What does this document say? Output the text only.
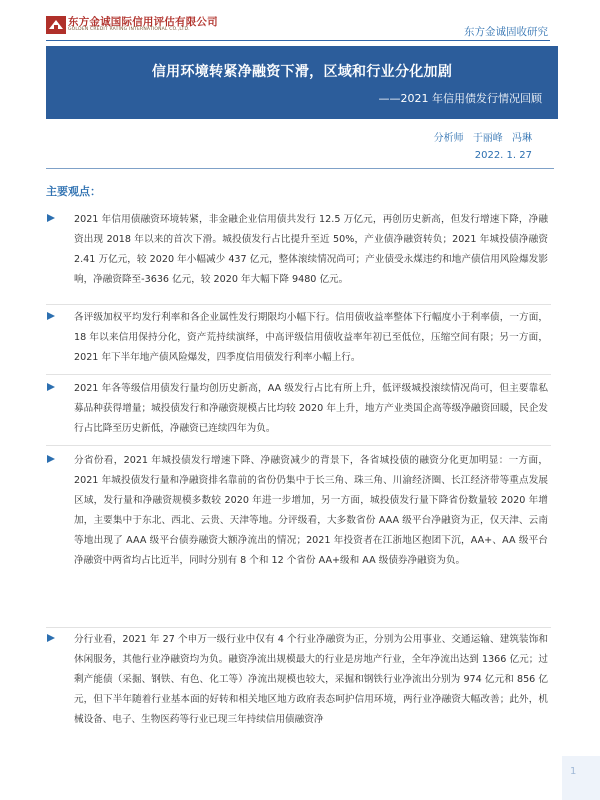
东方金诚国际信用评估有限公司
GOLDEN CREDIT RATING INTERNATIONAL CO.,LTD.	东方金诚固收研究
信用环境转紧净融资下滑，区域和行业分化加剧
——2021 年信用债发行情况回顾
分析师 于丽峰 冯琳
2022. 1. 27
主要观点：
2021 年信用债融资环境转紧，非金融企业信用债共发行 12.5 万亿元，再创历史新高，但发行增速下降，净融资出现 2018 年以来的首次下滑。城投债发行占比提升至近 50%，产业债净融资转负；2021 年城投债净融资 2.41 万亿元，较 2020 年小幅减少 437 亿元，整体滚续情况尚可；产业债受永煤违约和地产债信用风险爆发影响，净融资降至-3636 亿元，较 2020 年大幅下降 9480 亿元。
各评级加权平均发行利率和各企业属性发行期限均小幅下行。信用债收益率整体下行幅度小于利率债，一方面，18 年以来信用保持分化，资产荒持续演绎，中高评级信用债收益率年初已至低位，压缩空间有限；另一方面，2021 年下半年地产债风险爆发，四季度信用债发行利率小幅上行。
2021 年各等级信用债发行量均创历史新高，AA 级发行占比有所上升，低评级城投滚续情况尚可，但主要靠私募品种获得增量；城投债发行和净融资规模占比均较 2020 年上升，地方产业类国企高等级净融资回暖，民企发行占比降至历史新低，净融资已连续四年为负。
分省份看，2021 年城投债发行增速下降、净融资减少的背景下，各省城投债的融资分化更加明显：一方面，2021 年城投债发行量和净融资排名靠前的省份仍集中于长三角、珠三角、川渝经济圈、长江经济带等重点发展区域，发行量和净融资规模多数较 2020 年进一步增加，另一方面，城投债发行量下降省份数量较 2020 年增加，主要集中于东北、西北、云贵、天津等地。分评级看，大多数省份 AAA 级平台净融资为正，仅天津、云南等地出现了 AAA 级平台债券融资大额净流出的情况；2021 年投资者在江浙地区抱团下沉，AA+、AA 级平台净融资中两省均占比近半，同时分别有 8 个和 12 个省份 AA+级和 AA 级债券净融资为负。
分行业看，2021 年 27 个申万一级行业中仅有 4 个行业净融资为正，分别为公用事业、交通运输、建筑装饰和休闲服务，其他行业净融资均为负。融资净流出规模最大的行业是房地产行业，全年净流出达到 1366 亿元；过剩产能债（采掘、钢铁、有色、化工等）净流出规模也较大，采掘和钢铁行业净流出分别为 974 亿元和 856 亿元，但下半年随着行业基本面的好转和相关地区地方政府表态呵护信用环境，两行业净融资大幅改善；此外，机械设备、电子、生物医药等行业已现三年持续信用债融资净
1
